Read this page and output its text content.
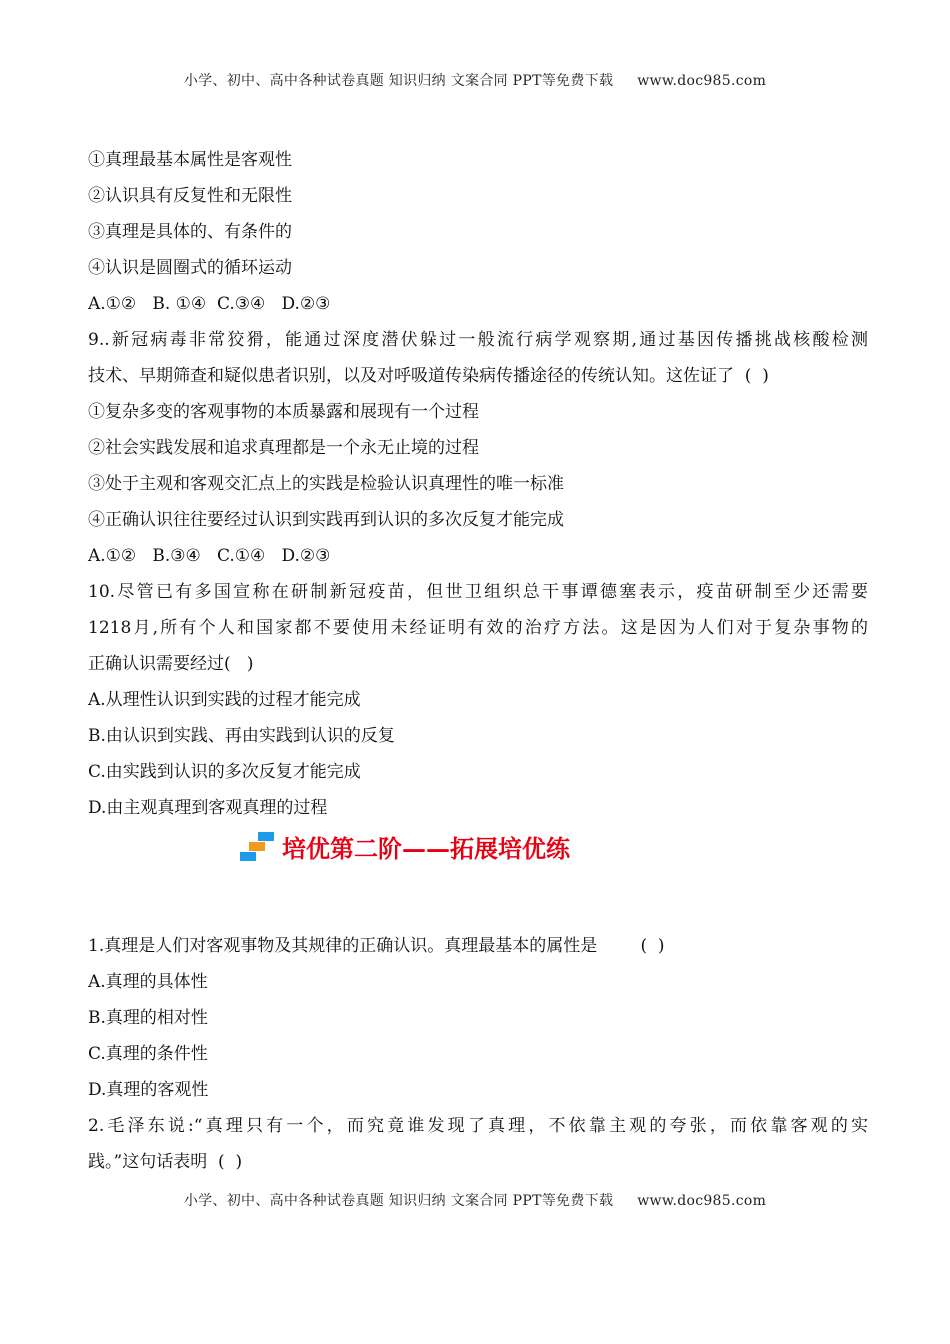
小学、初中、高中各种试卷真题 知识归纳 文案合同 PPT等免费下载 www.doc985.com
①真理最基本属性是客观性
②认识具有反复性和无限性
③真理是具体的、有条件的
④认识是圆圈式的循环运动
A.①②   B. ①④  C.③④   D.②③
9..新冠病毒非常狡猾，能通过深度潜伏躲过一般流行病学观察期,通过基因传播挑战核酸检测
技术、早期筛查和疑似患者识别，以及对呼吸道传染病传播途径的传统认知。这佐证了  (  )
①复杂多变的客观事物的本质暴露和展现有一个过程
②社会实践发展和追求真理都是一个永无止境的过程
③处于主观和客观交汇点上的实践是检验认识真理性的唯一标准
④正确认识往往要经过认识到实践再到认识的多次反复才能完成
A.①②   B.③④   C.①④   D.②③
10.尽管已有多国宣称在研制新冠疫苗，但世卫组织总干事谭德塞表示，疫苗研制至少还需要
1218月,所有个人和国家都不要使用未经证明有效的治疗方法。这是因为人们对于复杂事物的
正确认识需要经过(   )
A.从理性认识到实践的过程才能完成
B.由认识到实践、再由实践到认识的反复
C.由实践到认识的多次反复才能完成
D.由主观真理到客观真理的过程
培优第二阶——拓展培优练
1.真理是人们对客观事物及其规律的正确认识。真理最基本的属性是        (  )
A.真理的具体性
B.真理的相对性
C.真理的条件性
D.真理的客观性
2.毛泽东说:“真理只有一个，而究竟谁发现了真理，不依靠主观的夸张，而依靠客观的实
践。”这句话表明  (  )
小学、初中、高中各种试卷真题 知识归纳 文案合同 PPT等免费下载 www.doc985.com
